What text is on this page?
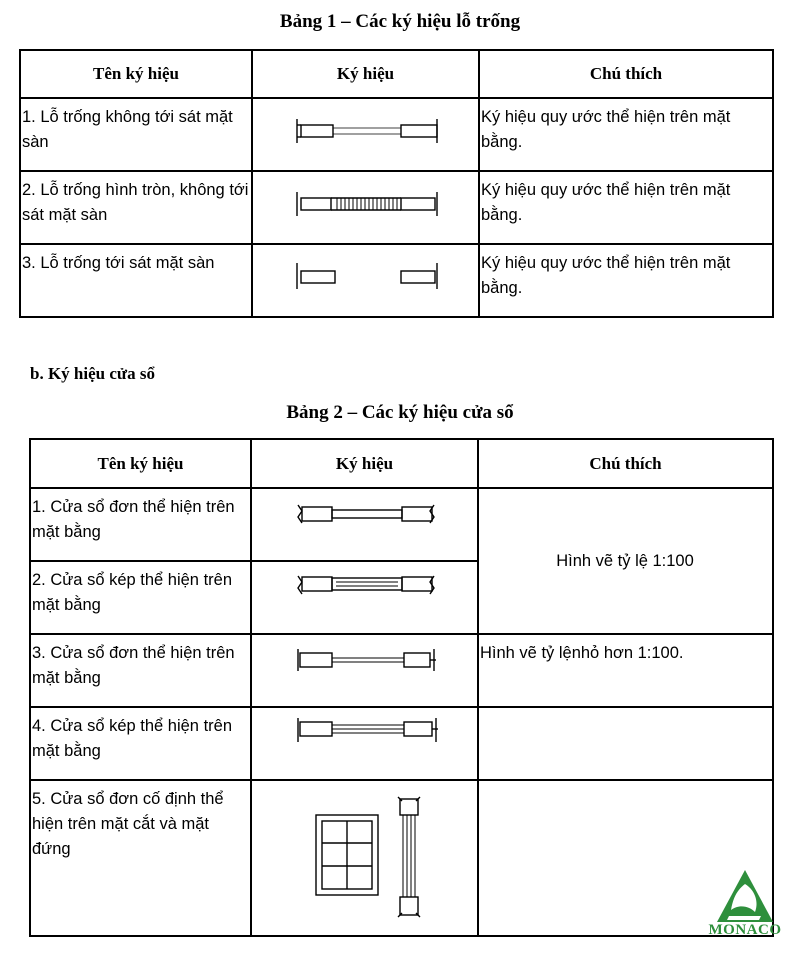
Bảng 1 – Các ký hiệu lỗ trống
Tên ký hiệu	Ký hiệu	Chú thích
1. Lỗ trống không tới sát mặt sàn		Ký hiệu quy ước thể hiện trên mặt bằng.
2. Lỗ trống hình tròn, không tới sát mặt sàn		Ký hiệu quy ước thể hiện trên mặt bằng.
3. Lỗ trống tới sát mặt sàn		Ký hiệu quy ước thể hiện trên mặt bằng.
b. Ký hiệu cửa sổ
Bảng 2 – Các ký hiệu cửa sổ
Tên ký hiệu	Ký hiệu	Chú thích
1. Cửa sổ đơn thể hiện trên mặt bằng		Hình vẽ tỷ lệ 1:100
2. Cửa sổ kép thể hiện trên mặt bằng	

3. Cửa sổ đơn thể hiện trên mặt bằng		Hình vẽ tỷ lệnhỏ hơn 1:100.
4. Cửa sổ kép thể hiện trên mặt bằng	

5. Cửa sổ đơn cố định thể hiện trên mặt cắt và mặt đứng	

MONACO
